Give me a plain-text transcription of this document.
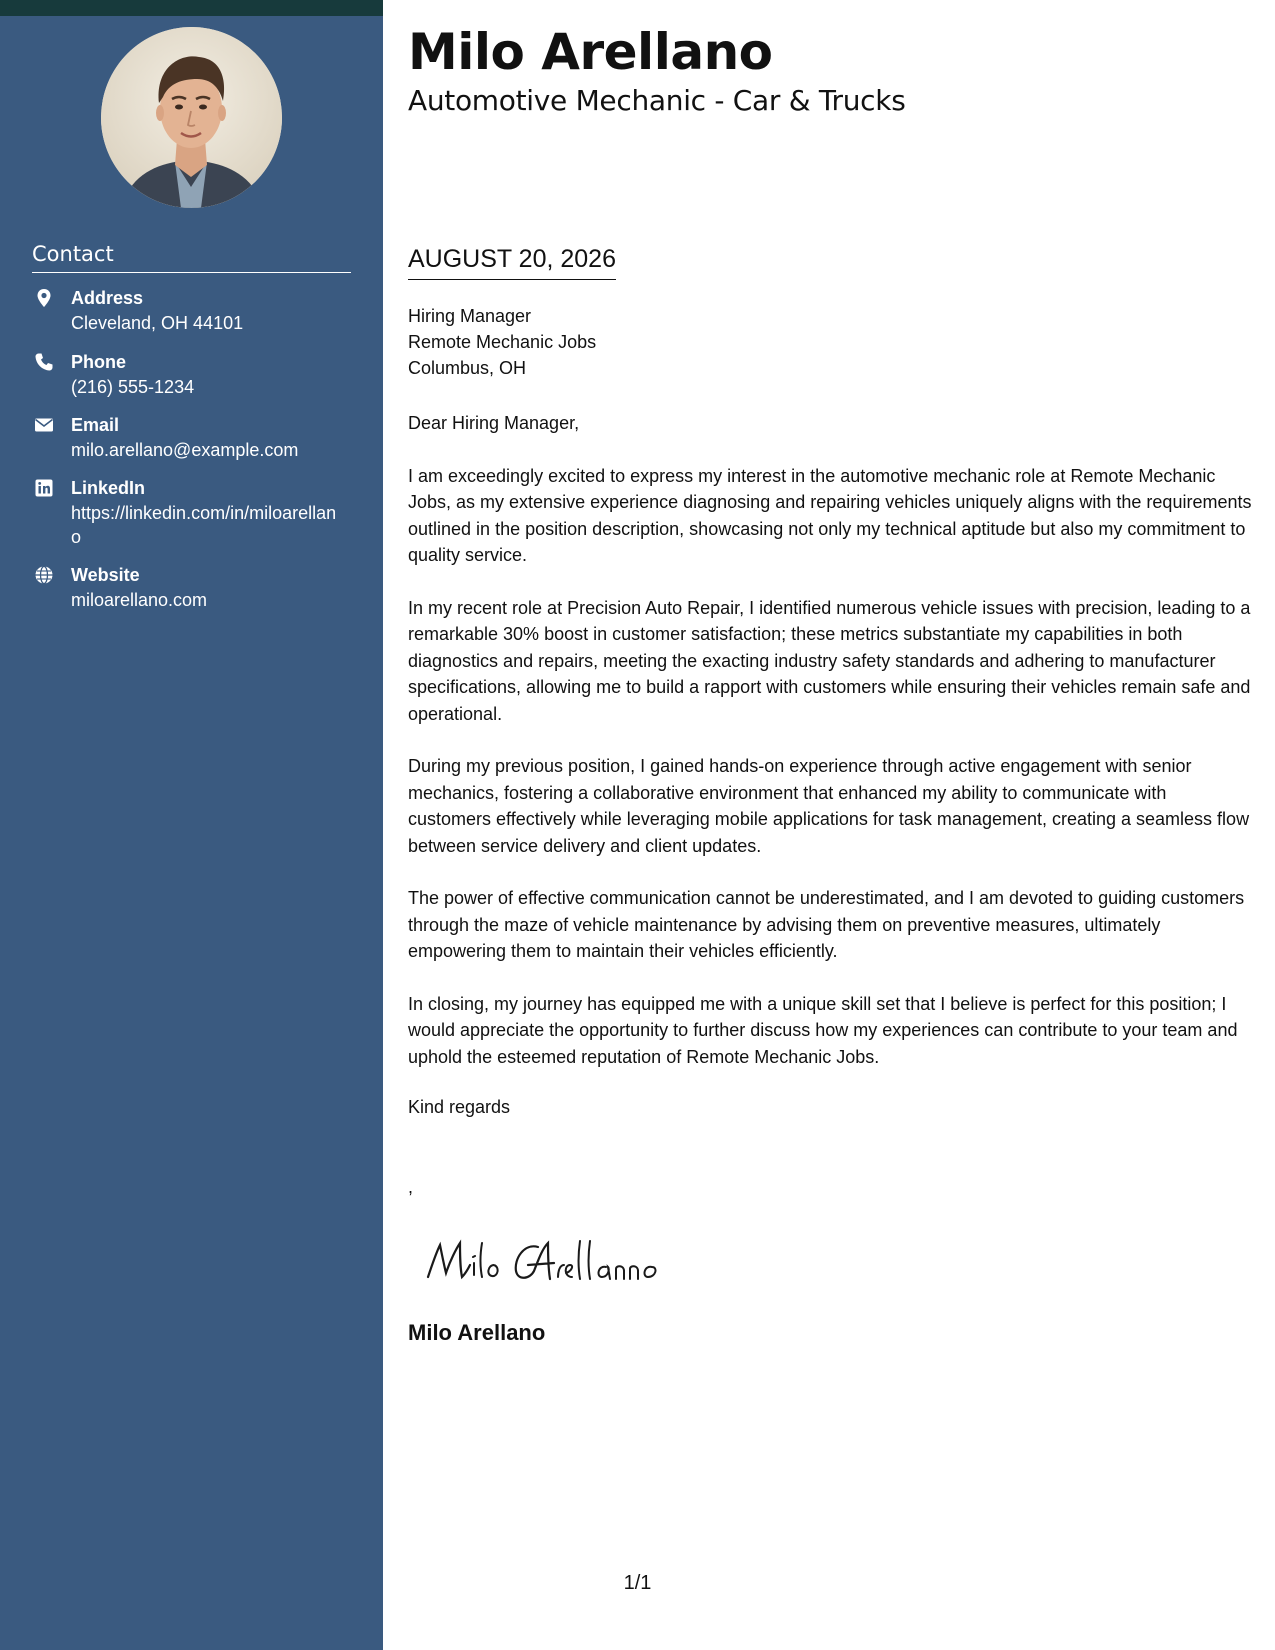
Contact
Address
Cleveland, OH 44101
Phone
(216) 555-1234
Email
milo.arellano@example.com
LinkedIn
https://linkedin.com/in/miloarellano
Website
miloarellano.com
Milo Arellano
Automotive Mechanic - Car & Trucks
AUGUST 20, 2026
Hiring Manager
Remote Mechanic Jobs
Columbus, OH

Dear Hiring Manager,

I am exceedingly excited to express my interest in the automotive mechanic role at Remote Mechanic Jobs, as my extensive experience diagnosing and repairing vehicles uniquely aligns with the requirements outlined in the position description, showcasing not only my technical aptitude but also my commitment to quality service.

In my recent role at Precision Auto Repair, I identified numerous vehicle issues with precision, leading to a remarkable 30% boost in customer satisfaction; these metrics substantiate my capabilities in both diagnostics and repairs, meeting the exacting industry safety standards and adhering to manufacturer specifications, allowing me to build a rapport with customers while ensuring their vehicles remain safe and operational.

During my previous position, I gained hands-on experience through active engagement with senior mechanics, fostering a collaborative environment that enhanced my ability to communicate with customers effectively while leveraging mobile applications for task management, creating a seamless flow between service delivery and client updates.

The power of effective communication cannot be underestimated, and I am devoted to guiding customers through the maze of vehicle maintenance by advising them on preventive measures, ultimately empowering them to maintain their vehicles efficiently.

In closing, my journey has equipped me with a unique skill set that I believe is perfect for this position; I would appreciate the opportunity to further discuss how my experiences can contribute to your team and uphold the esteemed reputation of Remote Mechanic Jobs.

Kind regards
,
Milo Arellano
1/1
